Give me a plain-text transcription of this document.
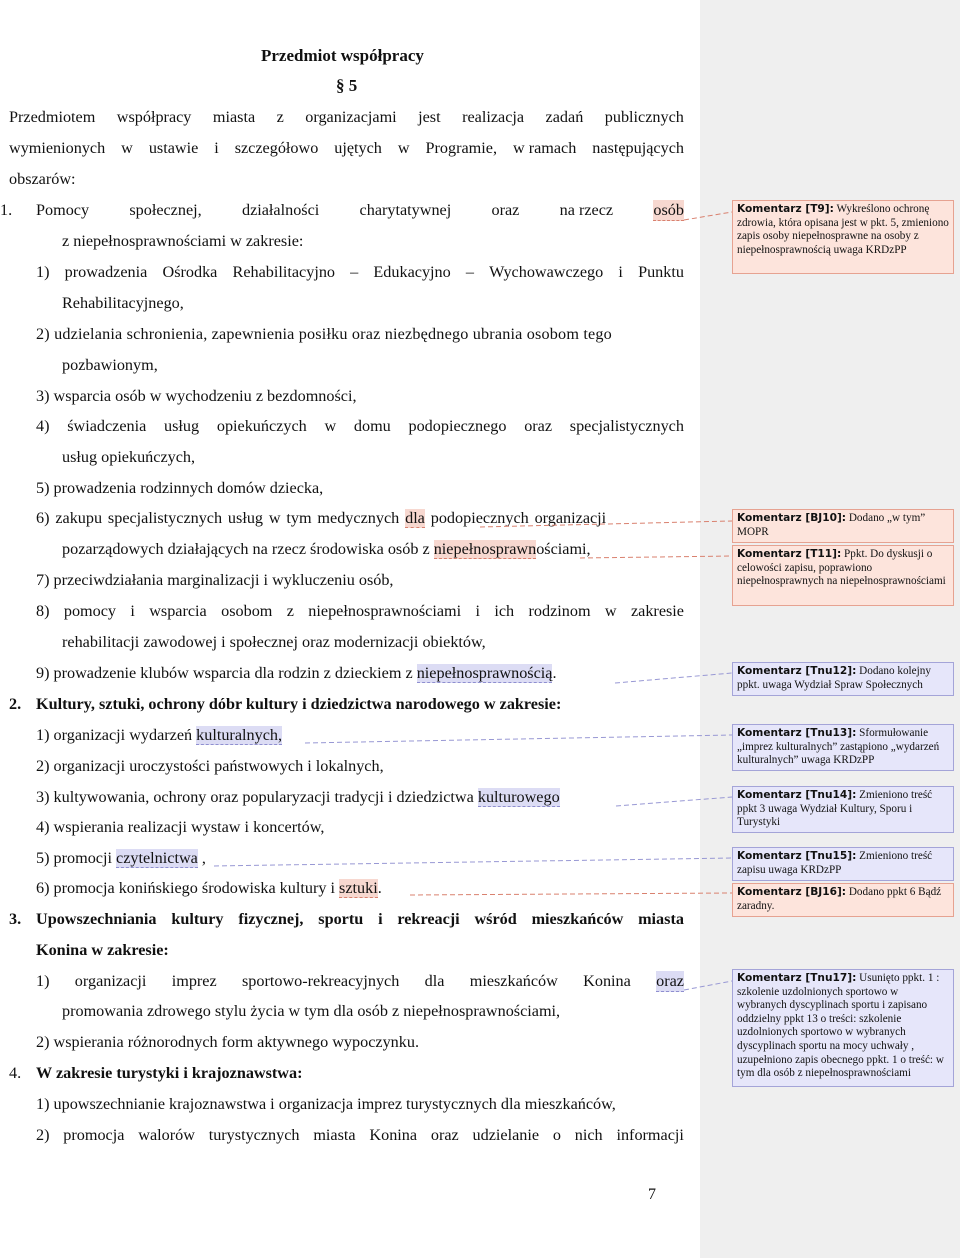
Przedmiot współpracy
§ 5
Przedmiotem współpracy miasta z organizacjami jest realizacja zadań publicznych
wymienionych w ustawie i szczegółowo ujętych w Programie, w ramach następujących
obszarów:
1. Pomocy społecznej, działalności charytatywnej oraz na rzecz osób
z niepełnosprawnościami w zakresie:
1) prowadzenia Ośrodka Rehabilitacyjno – Edukacyjno – Wychowawczego i Punktu
Rehabilitacyjnego,
2) udzielania schronienia, zapewnienia posiłku oraz niezbędnego ubrania osobom tego
pozbawionym,
3) wsparcia osób w wychodzeniu z bezdomności,
4) świadczenia usług opiekuńczych w domu podopiecznego oraz specjalistycznych
usług opiekuńczych,
5) prowadzenia rodzinnych domów dziecka,
6) zakupu specjalistycznych usług w tym medycznych dla podopiecznych organizacji
pozarządowych działających na rzecz środowiska osób z niepełnosprawnościami,
7) przeciwdziałania marginalizacji i wykluczeniu osób,
8) pomocy i wsparcia osobom z niepełnosprawnościami i ich rodzinom w zakresie
rehabilitacji zawodowej i społecznej oraz modernizacji obiektów,
9) prowadzenie klubów wsparcia dla rodzin z dzieckiem z niepełnosprawnością.
2. Kultury, sztuki, ochrony dóbr kultury i dziedzictwa narodowego w zakresie:
1) organizacji wydarzeń kulturalnych,
2) organizacji uroczystości państwowych i lokalnych,
3) kultywowania, ochrony oraz popularyzacji tradycji i dziedzictwa kulturowego
4) wspierania realizacji wystaw i koncertów,
5) promocji czytelnictwa ,
6) promocja konińskiego środowiska kultury i sztuki.
3. Upowszechniania kultury fizycznej, sportu i rekreacji wśród mieszkańców miasta
Konina w zakresie:
1) organizacji imprez sportowo-rekreacyjnych dla mieszkańców Konina oraz
promowania zdrowego stylu życia w tym dla osób z niepełnosprawnościami,
2) wspierania różnorodnych form aktywnego wypoczynku.
4. W zakresie turystyki i krajoznawstwa:
1) upowszechnianie krajoznawstwa i organizacja imprez turystycznych dla mieszkańców,
2) promocja walorów turystycznych miasta Konina oraz udzielanie o nich informacji
7
Komentarz [T9]: Wykreślono ochronę zdrowia, która opisana jest w pkt. 5, zmieniono zapis osoby niepełnosprawne na osoby z niepełnosprawnością uwaga KRDzPP
Komentarz [BJ10]: Dodano „w tym” MOPR
Komentarz [T11]: Ppkt. Do dyskusji o celowości zapisu, poprawiono niepełnosprawnych na niepełnosprawnościami
Komentarz [Tnu12]: Dodano kolejny ppkt. uwaga Wydział Spraw Społecznych
Komentarz [Tnu13]: Sformułowanie „imprez kulturalnych” zastąpiono „wydarzeń kulturalnych” uwaga KRDzPP
Komentarz [Tnu14]: Zmieniono treść ppkt 3 uwaga Wydział Kultury, Sporu i Turystyki
Komentarz [Tnu15]: Zmieniono treść zapisu uwaga KRDzPP
Komentarz [BJ16]: Dodano ppkt 6 Bądź zaradny.
Komentarz [Tnu17]: Usunięto ppkt. 1 : szkolenie uzdolnionych sportowo w wybranych dyscyplinach sportu i zapisano oddzielny ppkt 13 o treści: szkolenie uzdolnionych sportowo w wybranych dyscyplinach sportu na mocy uchwały , uzupełniono zapis obecnego ppkt. 1 o treść: w tym dla osób z niepełnosprawnościami
